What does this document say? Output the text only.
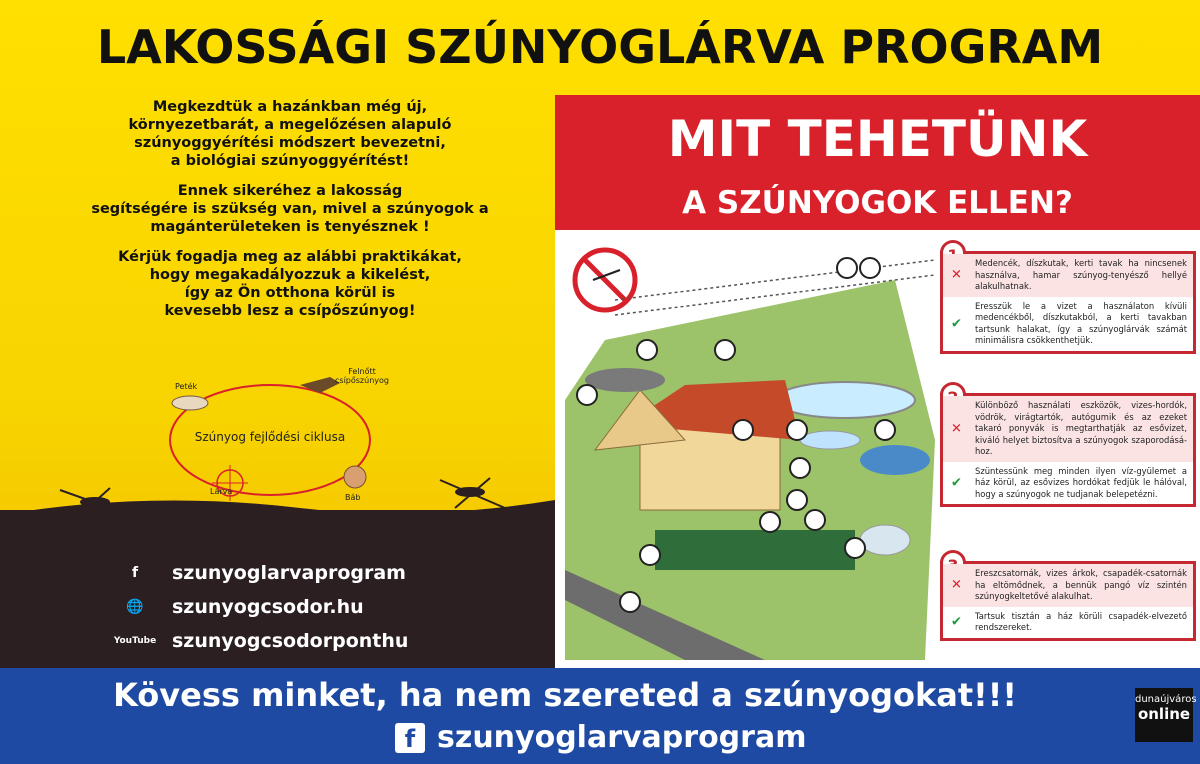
LAKOSSÁGI SZÚNYOGLÁRVA PROGRAM

Megkezdtük a hazánkban még új,
környezetbarát, a megelőzésen alapuló
szúnyoggyérítési módszert bevezetni,
a biológiai szúnyoggyérítést!

Ennek sikeréhez a lakosság
segítségére is szükség van, mivel a szúnyogok a
magánterületeken is tenyésznek !

Kérjük fogadja meg az alábbi praktikákat,
hogy megakadályozzuk a kikelést,
így az Ön otthona körül is
kevesebb lesz a csípőszúnyog!

Peték
Felnőtt
csípőszúnyog
Báb
Lárva
Szúnyog fejlődési ciklusa
f szunyoglarvaprogram
🌐 szunyogcsodor.hu
YouTube szunyogcsodorponthu
MIT TEHETÜNK
A SZÚNYOGOK ELLEN?
✕
Medencék, díszkutak, kerti tavak ha nincsenek használva, hamar szúnyog-tenyésző hellyé alakulhatnak.
✔
Eresszük le a vizet a használaton kívüli medencékből, díszkutakból, a kerti tavakban tartsunk halakat, így a szúnyoglárvák számát minimálisra csökkenthetjük.
✕
Különböző használati eszközök, vizes-hordók, vödrök, virágtartók, autógumik és az ezeket takaró ponyvák is megtarthatják az esővizet, kiváló helyet biztosítva a szúnyogok szaporodásá-hoz.
✔
Szüntessünk meg minden ilyen víz-gyülemet a ház körül, az esővizes hordókat fedjük le hálóval, hogy a szúnyogok ne tudjanak belepetézni.
✕
Ereszcsatornák, vizes árkok, csapadék-csatornák ha eltömődnek, a bennük pangó víz szintén szúnyogkeltetővé alakulhat.
✔ Tartsuk tisztán a ház körüli csapadék-elvezető rendszereket.
Kövess minket, ha nem szereted a szúnyogokat!!!
f szunyoglarvaprogram
dunaújváros
online
